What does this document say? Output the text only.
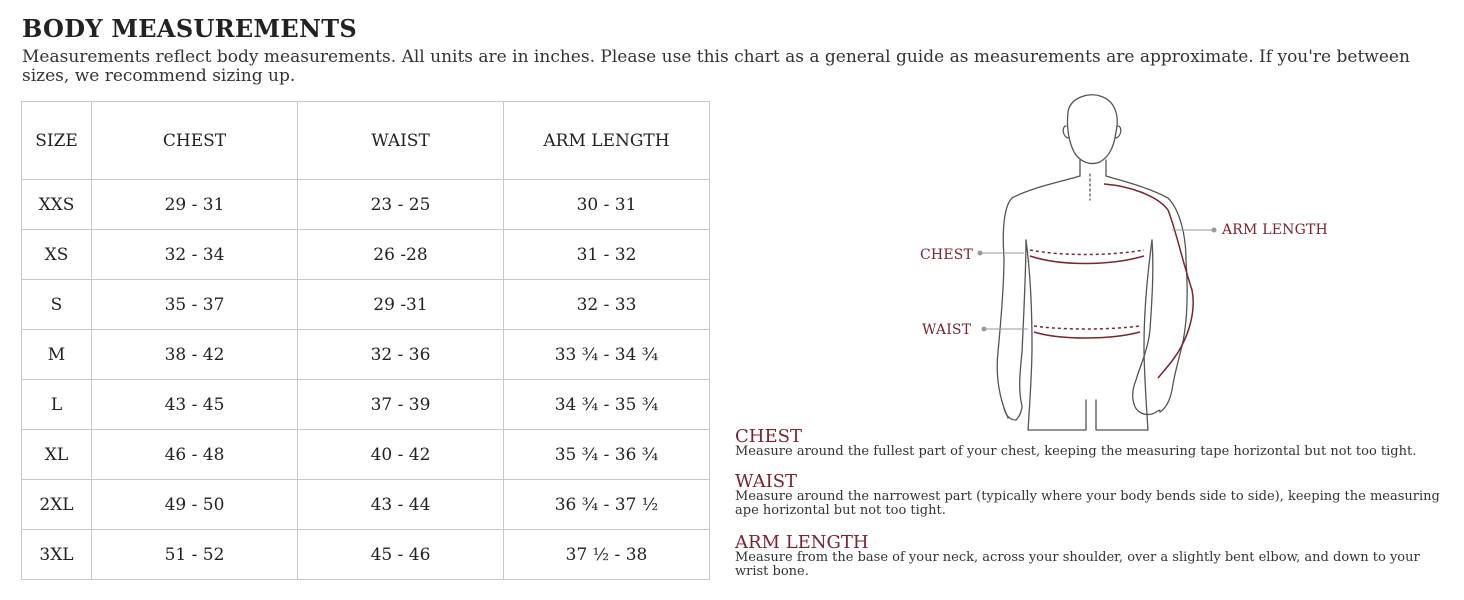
BODY MEASUREMENTS
Measurements reflect body measurements. All units are in inches. Please use this chart as a general guide as measurements are approximate. If you're between sizes, we recommend sizing up.
SIZE	CHEST	WAIST	ARM LENGTH
XXS	29 - 31	23 - 25	30 - 31
XS	32 - 34	26 -28	31 - 32
S	35 - 37	29 -31	32 - 33
M	38 - 42	32 - 36	33 ¾ - 34 ¾
L	43 - 45	37 - 39	34 ¾ - 35 ¾
XL	46 - 48	40 - 42	35 ¾ - 36 ¾
2XL	49 - 50	43 - 44	36 ¾ - 37 ½
3XL	51 - 52	45 - 46	37 ½ - 38
CHEST
WAIST
ARM LENGTH
CHEST

Measure around the fullest part of your chest, keeping the measuring tape horizontal but not too tight.

WAIST

Measure around the narrowest part (typically where your body bends side to side), keeping the measuring ape horizontal but not too tight.

ARM LENGTH

Measure from the base of your neck, across your shoulder, over a slightly bent elbow, and down to your wrist bone.
